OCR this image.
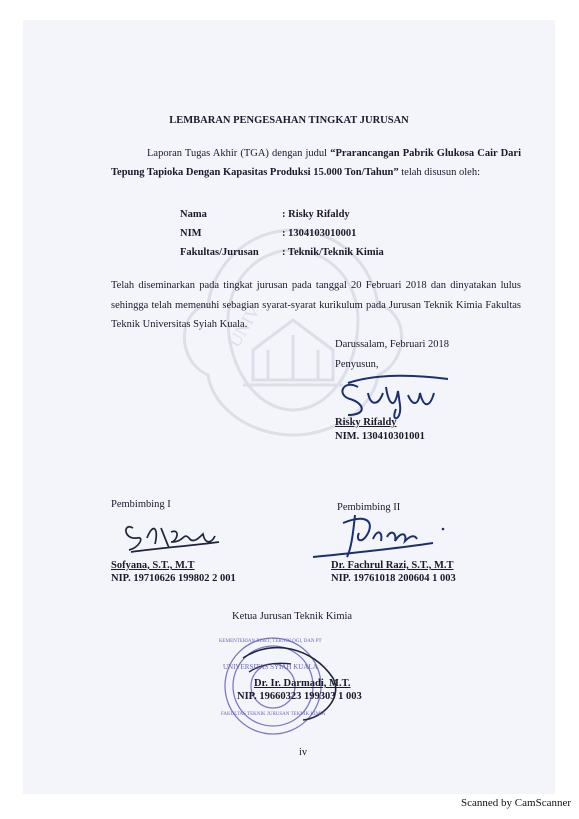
UNIV
LEMBARAN PENGESAHAN TINGKAT JURUSAN
Laporan Tugas Akhir (TGA) dengan judul “Prarancangan Pabrik Glukosa Cair Dari Tepung Tapioka Dengan Kapasitas Produksi 15.000 Ton/Tahun” telah disusun oleh:
Nama	: Risky Rifaldy
NIM	: 1304103010001
Fakultas/Jurusan : Teknik/Teknik Kimia
Telah diseminarkan pada tingkat jurusan pada tanggal 20 Februari 2018 dan dinyatakan lulus sehingga telah memenuhi sebagian syarat-syarat kurikulum pada Jurusan Teknik Kimia Fakultas Teknik Universitas Syiah Kuala.
Darussalam, Februari 2018
Penyusun,
Risky Rifaldy
NIM. 130410301001
Pembimbing I
Sofyana, S.T., M.T
NIP. 19710626 199802 2 001
Pembimbing II
Dr. Fachrul Razi, S.T., M.T
NIP. 19761018 200604 1 003
Ketua Jurusan Teknik Kimia
KEMENTERIAN RISET, TEKNOLOGI, DAN PT
UNIVERSITAS SYIAH KUALA
FAKULTAS TEKNIK JURUSAN TEKNIK KIMIA
Dr. Ir. Darmadi, M.T.
NIP. 19660323 199303 1 003
iv
Scanned by CamScanner
